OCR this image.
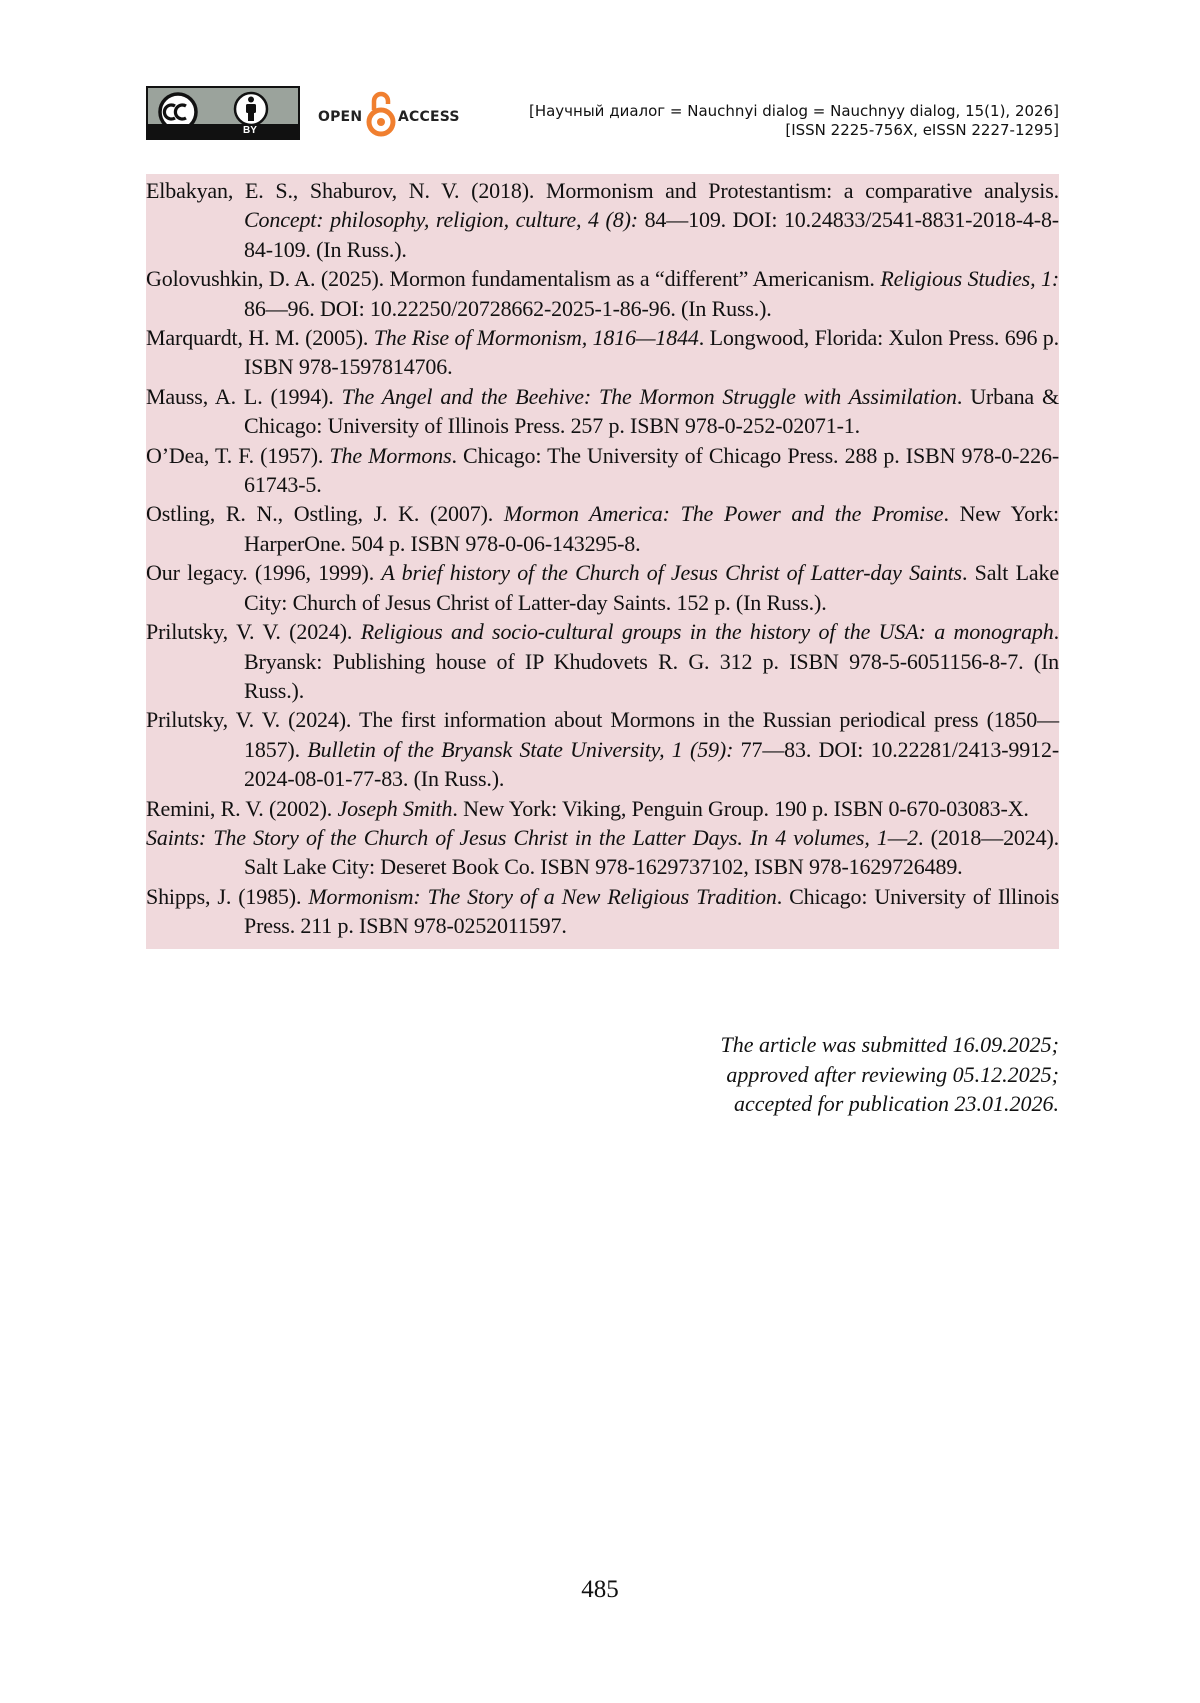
BY
OPEN	ACCESS	[Научный диалог = Nauchnyi dialog = Nauchnyy dialog, 15(1), 2026]
[ISSN 2225-756X, eISSN 2227-1295]

Elbakyan, E. S., Shaburov, N. V. (2018). Mormonism and Protestantism: a comparative analysis. Concept: philosophy, religion, culture, 4 (8): 84—109. DOI: 10.24833/2541-8831-2018-4-8-84-109. (In Russ.).

Golovushkin, D. A. (2025). Mormon fundamentalism as a “different” Americanism. Religious Studies, 1: 86—96. DOI: 10.22250/20728662-2025-1-86-96. (In Russ.).

Marquardt, H. M. (2005). The Rise of Mormonism, 1816—1844. Longwood, Florida: Xulon Press. 696 p. ISBN 978-1597814706.

Mauss, A. L. (1994). The Angel and the Beehive: The Mormon Struggle with Assimilation. Urbana & Chicago: University of Illinois Press. 257 p. ISBN 978-0-252-02071-1.

O’Dea, T. F. (1957). The Mormons. Chicago: The University of Chicago Press. 288 p. ISBN 978-0-226-61743-5.

Ostling, R. N., Ostling, J. K. (2007). Mormon America: The Power and the Promise. New York: HarperOne. 504 p. ISBN 978-0-06-143295-8.

Our legacy. (1996, 1999). A brief history of the Church of Jesus Christ of Latter-day Saints. Salt Lake City: Church of Jesus Christ of Latter-day Saints. 152 p. (In Russ.).

Prilutsky, V. V. (2024). Religious and socio-cultural groups in the history of the USA: a monograph. Bryansk: Publishing house of IP Khudovets R. G. 312 p. ISBN 978-5-6051156-8-7. (In Russ.).

Prilutsky, V. V. (2024). The first information about Mormons in the Russian periodical press (1850—1857). Bulletin of the Bryansk State University, 1 (59): 77—83. DOI: 10.22281/2413-9912-2024-08-01-77-83. (In Russ.).

Remini, R. V. (2002). Joseph Smith. New York: Viking, Penguin Group. 190 p. ISBN 0-670-03083-X.

Saints: The Story of the Church of Jesus Christ in the Latter Days. In 4 volumes, 1—2. (2018—2024). Salt Lake City: Deseret Book Co. ISBN 978-1629737102, ISBN 978-1629726489.

Shipps, J. (1985). Mormonism: The Story of a New Religious Tradition. Chicago: University of Illinois Press. 211 p. ISBN 978-0252011597.

The article was submitted 16.09.2025;
approved after reviewing 05.12.2025;
accepted for publication 23.01.2026.
485
